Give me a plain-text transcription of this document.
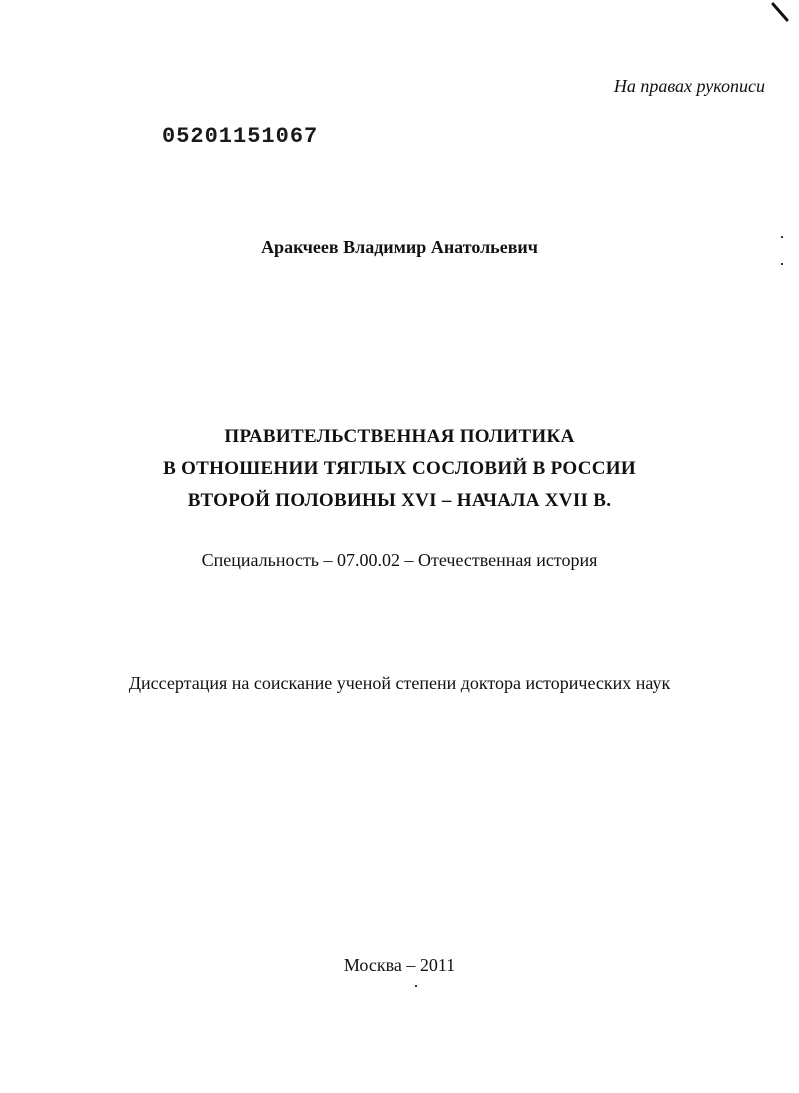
На правах рукописи
05201151067
Аракчеев Владимир Анатольевич
ПРАВИТЕЛЬСТВЕННАЯ ПОЛИТИКА
В ОТНОШЕНИИ ТЯГЛЫХ СОСЛОВИЙ В РОССИИ
ВТОРОЙ ПОЛОВИНЫ XVI – НАЧАЛА XVII В.
Специальность – 07.00.02 – Отечественная история
Диссертация на соискание ученой степени доктора исторических наук
Москва – 2011
